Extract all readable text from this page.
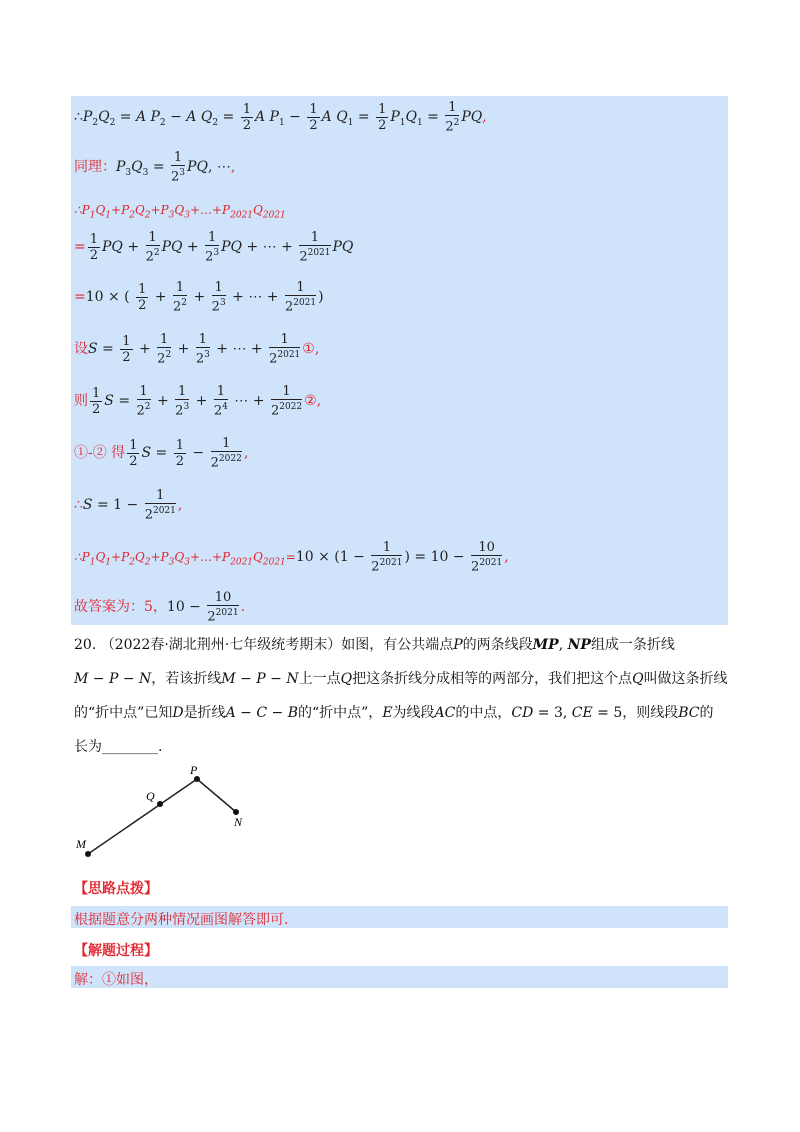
$\therefore P_2Q_2 = A$ $P_2 - A$ $Q_2 = \frac{1}{2}$ A $P_1 - \frac{1}{2}$ A $Q_1 = \frac{1}{2} P_1Q_1 = \frac{1}{2^2}$ PQ,
同理：$P_3Q_3 = \frac{1}{2^3}$ PQ, ⋯,
$\therefore P_1Q_1+P_2Q_2+P_3Q_3+\dots+P_{2021}Q_{2021}$
= $\frac{1}{2}$ PQ + $\frac{1}{2^2}$ PQ + $\frac{1}{2^3}$ PQ + ⋯ + $\frac{1}{2^{2021}}$ PQ
=10 × ( $\frac{1}{2} + \frac{1}{2^2} + \frac{1}{2^3}$ + ⋯ + $\frac{1}{2^{2021}}$ )
设$S = \frac{1}{2} + \frac{1}{2^2} + \frac{1}{2^3}$ + ⋯ + $\frac{1}{2^{2021}}$ ①,
则 $\frac{1}{2}$ $S = \frac{1}{2^2} + \frac{1}{2^3} + \frac{1}{2^4}$ ⋯ + $\frac{1}{2^{2022}}$ ②,
①-② 得 $\frac{1}{2}$ $S = \frac{1}{2} - \frac{1}{2^{2022}}$ ,
∴S = $1 - \frac{1}{2^{2021}}$ ,
$\therefore P_1Q_1+P_2Q_2+P_3Q_3+\dots+P_{2021}Q_{2021}=10 \times (1 - \frac{1}{2^{2021}}$ ) = $10 - \frac{10}{2^{2021}}$ ,
故答案为：5，$10 - \frac{10}{2^{2021}}$ .
20. （2022春·湖北荆州·七年级统考期末）如图，有公共端点P的两条线段MP, NP组成一条折线
M − P − N，若该折线M − P − N上一点Q把这条折线分成相等的两部分，我们把这个点Q叫做这条折线
的“折中点”已知D是折线A − C − B的“折中点”，E为线段AC的中点，CD = 3, CE = 5，则线段BC的
长为________.
P
Q
M
N
【思路点拨】
根据题意分两种情况画图解答即可.
【解题过程】
解：①如图，
